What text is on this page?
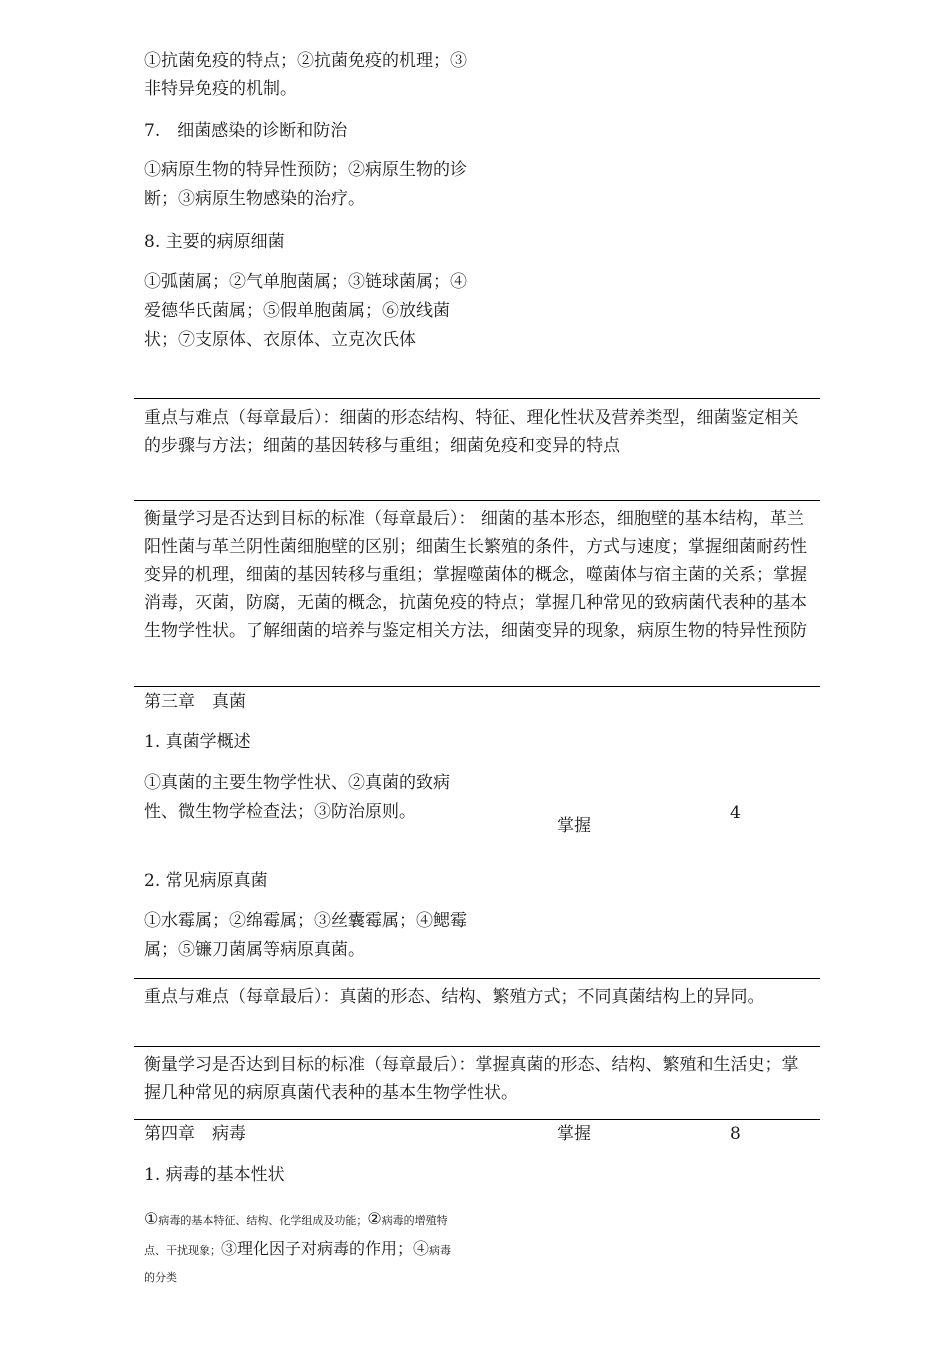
①抗菌免疫的特点；②抗菌免疫的机理；③
非特异免疫的机制。
7.　细菌感染的诊断和防治
①病原生物的特异性预防；②病原生物的诊
断；③病原生物感染的治疗。
8. 主要的病原细菌
①弧菌属；②气单胞菌属；③链球菌属；④
爱德华氏菌属；⑤假单胞菌属；⑥放线菌
状；⑦支原体、衣原体、立克次氏体
重点与难点（每章最后）：细菌的形态结构、特征、理化性状及营养类型，细菌鉴定相关的步骤与方法；细菌的基因转移与重组；细菌免疫和变异的特点
衡量学习是否达到目标的标准（每章最后）： 细菌的基本形态，细胞壁的基本结构，革兰阳性菌与革兰阴性菌细胞壁的区别；细菌生长繁殖的条件，方式与速度；掌握细菌耐药性变异的机理，细菌的基因转移与重组；掌握噬菌体的概念，噬菌体与宿主菌的关系；掌握消毒，灭菌，防腐，无菌的概念，抗菌免疫的特点；掌握几种常见的致病菌代表种的基本生物学性状。了解细菌的培养与鉴定相关方法，细菌变异的现象，病原生物的特异性预防
第三章　真菌
1. 真菌学概述
①真菌的主要生物学性状、②真菌的致病
性、微生物学检查法；③防治原则。
掌握
4
2. 常见病原真菌
①水霉属；②绵霉属；③丝囊霉属；④鳃霉
属；⑤镰刀菌属等病原真菌。
重点与难点（每章最后）：真菌的形态、结构、繁殖方式；不同真菌结构上的异同。
衡量学习是否达到目标的标准（每章最后）：掌握真菌的形态、结构、繁殖和生活史；掌握几种常见的病原真菌代表种的基本生物学性状。
第四章　病毒	掌握	8
1. 病毒的基本性状
①病毒的基本特征、结构、化学组成及功能；②病毒的增殖特
点、干扰现象；③理化因子对病毒的作用；④病毒
的分类
